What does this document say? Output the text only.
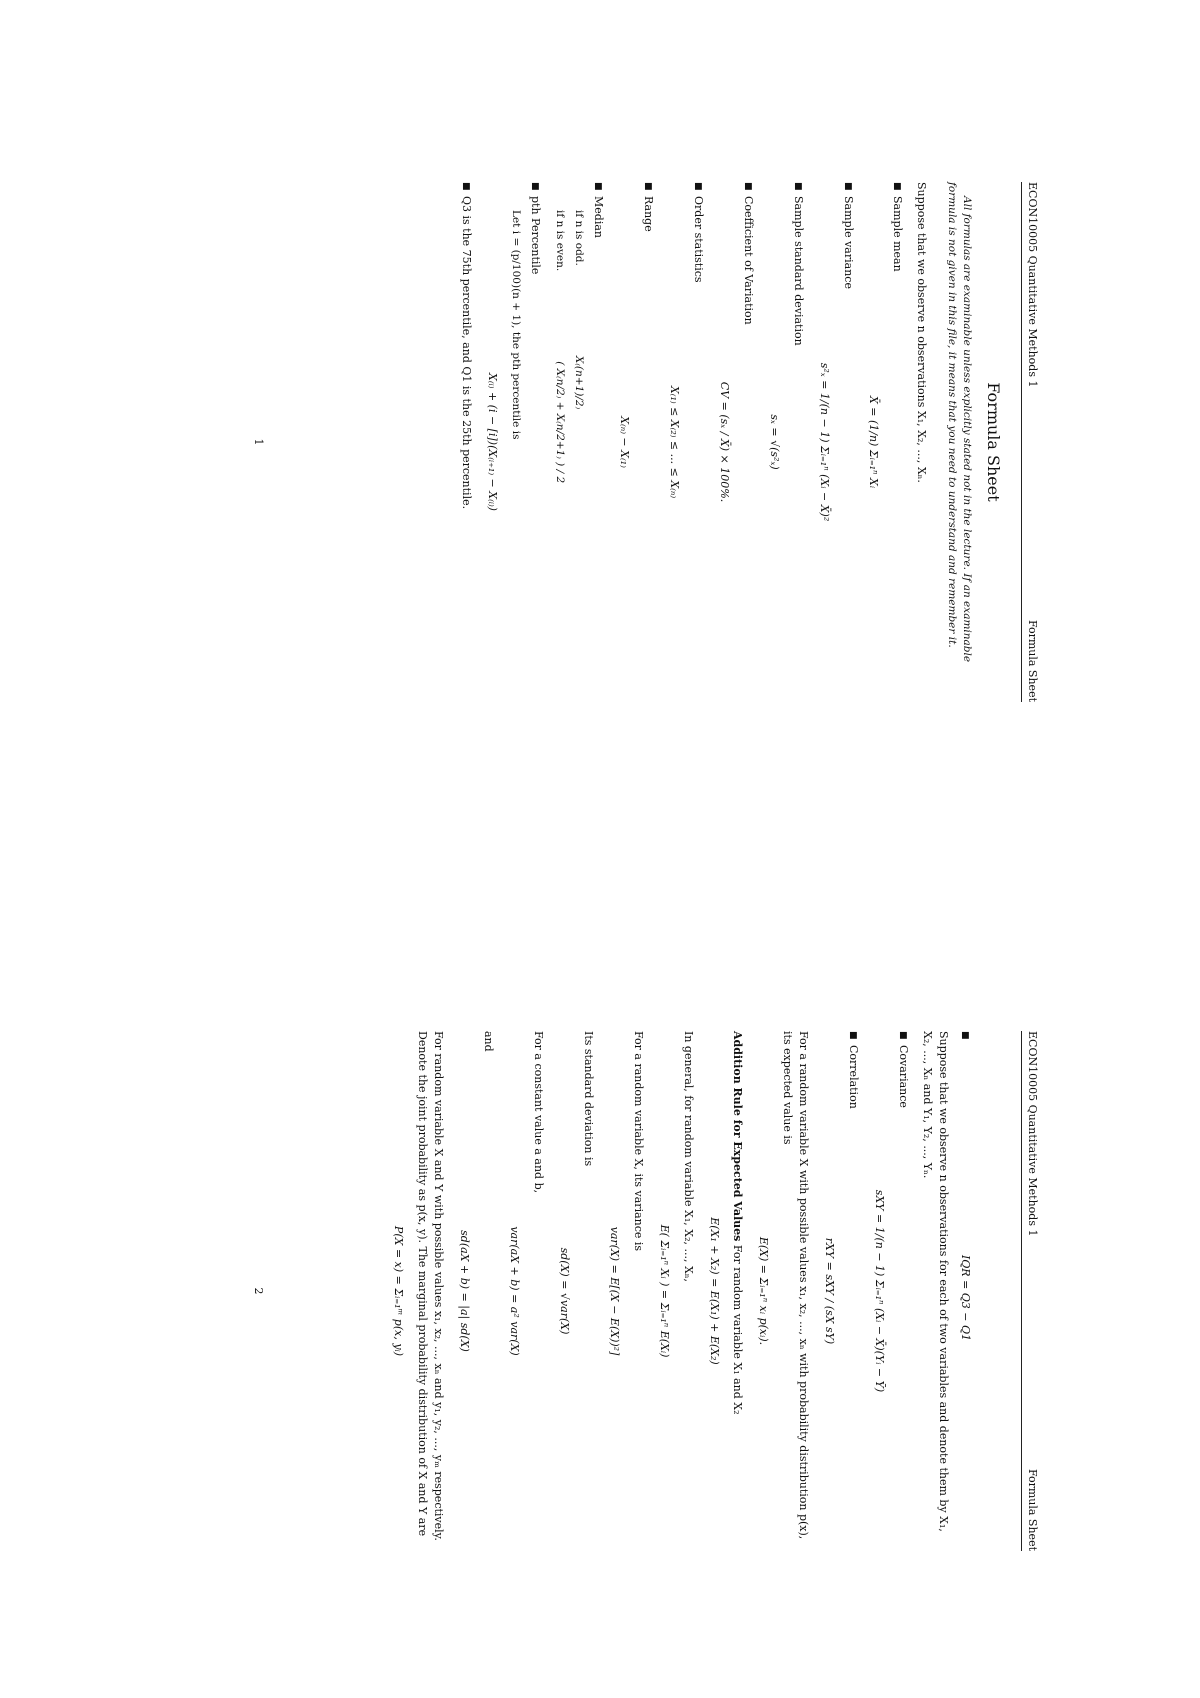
ECON10005 Quantitative Methods 1
Formula Sheet
Formula Sheet

All formulas are examinable unless explicitly stated not in the lecture. If an examinable formula is not given in this file, it means that you need to understand and remember it.

Suppose that we observe n observations X₁, X₂, ..., Xₙ.

■
Sample mean
X̄ = (1/n) Σᵢ₌₁ⁿ Xᵢ
■
Sample variance
s²ₓ = 1/(n − 1) Σᵢ₌₁ⁿ (Xᵢ − X̄)²
■
Sample standard deviation
sₓ = √(s²ₓ)
■
Coefficient of Variation
CV = (sₓ / X̄) × 100%.
■
Order statistics
X₍₁₎ ≤ X₍₂₎ ≤ ... ≤ X₍ₙ₎
■
Range
X₍ₙ₎ − X₍₁₎
■
Median
if n is odd.X₍(n+1)/2₎
if n is even.( X₍n/2₎ + X₍n/2+1₎ ) / 2
■
pth Percentile
Let i = (p/100)(n + 1), the pth percentile is
X₍ᵢ₎ + (i − [i])(X₍ᵢ₊₁₎ − X₍ᵢ₎)
■
Q3 is the 75th percentile, and Q1 is the 25th percentile.
1
ECON10005 Quantitative Methods 1
Formula Sheet
■
IQR = Q3 − Q1

Suppose that we observe n observations for each of two variables and denote them by X₁, X₂, ..., Xₙ and Y₁, Y₂, ..., Yₙ.

■
Covariance
sXY = 1/(n − 1) Σᵢ₌₁ⁿ (Xᵢ − X̄)(Yᵢ − Ȳ)
■
Correlation
rXY = sXY / (sX sY)

For a random variable X with possible values x₁, x₂, ..., xₙ with probability distribution p(x), its expected value is

E(X) = Σᵢ₌₁ⁿ xᵢ p(xᵢ).

Addition Rule for Expected Values For random variable X₁ and X₂

E(X₁ + X₂) = E(X₁) + E(X₂)

In general, for random variable X₁, X₂, ..., Xₙ,

E( Σᵢ₌₁ⁿ Xᵢ ) = Σᵢ₌₁ⁿ E(Xᵢ)

For a random variable X, its variance is

var(X) = E[(X − E(X))²]

Its standard deviation is

sd(X) = √var(X)

For a constant value a and b,

var(aX + b) = a² var(X)

and

sd(aX + b) = |a| sd(X)

For random variable X and Y with possible values x₁, x₂, ..., xₙ and y₁, y₂, ..., yₘ respectively. Denote the joint probability as p(x, y). The marginal probability distribution of X and Y are

P(X = x) = Σᵢ₌₁ᵐ p(x, yᵢ)
2
